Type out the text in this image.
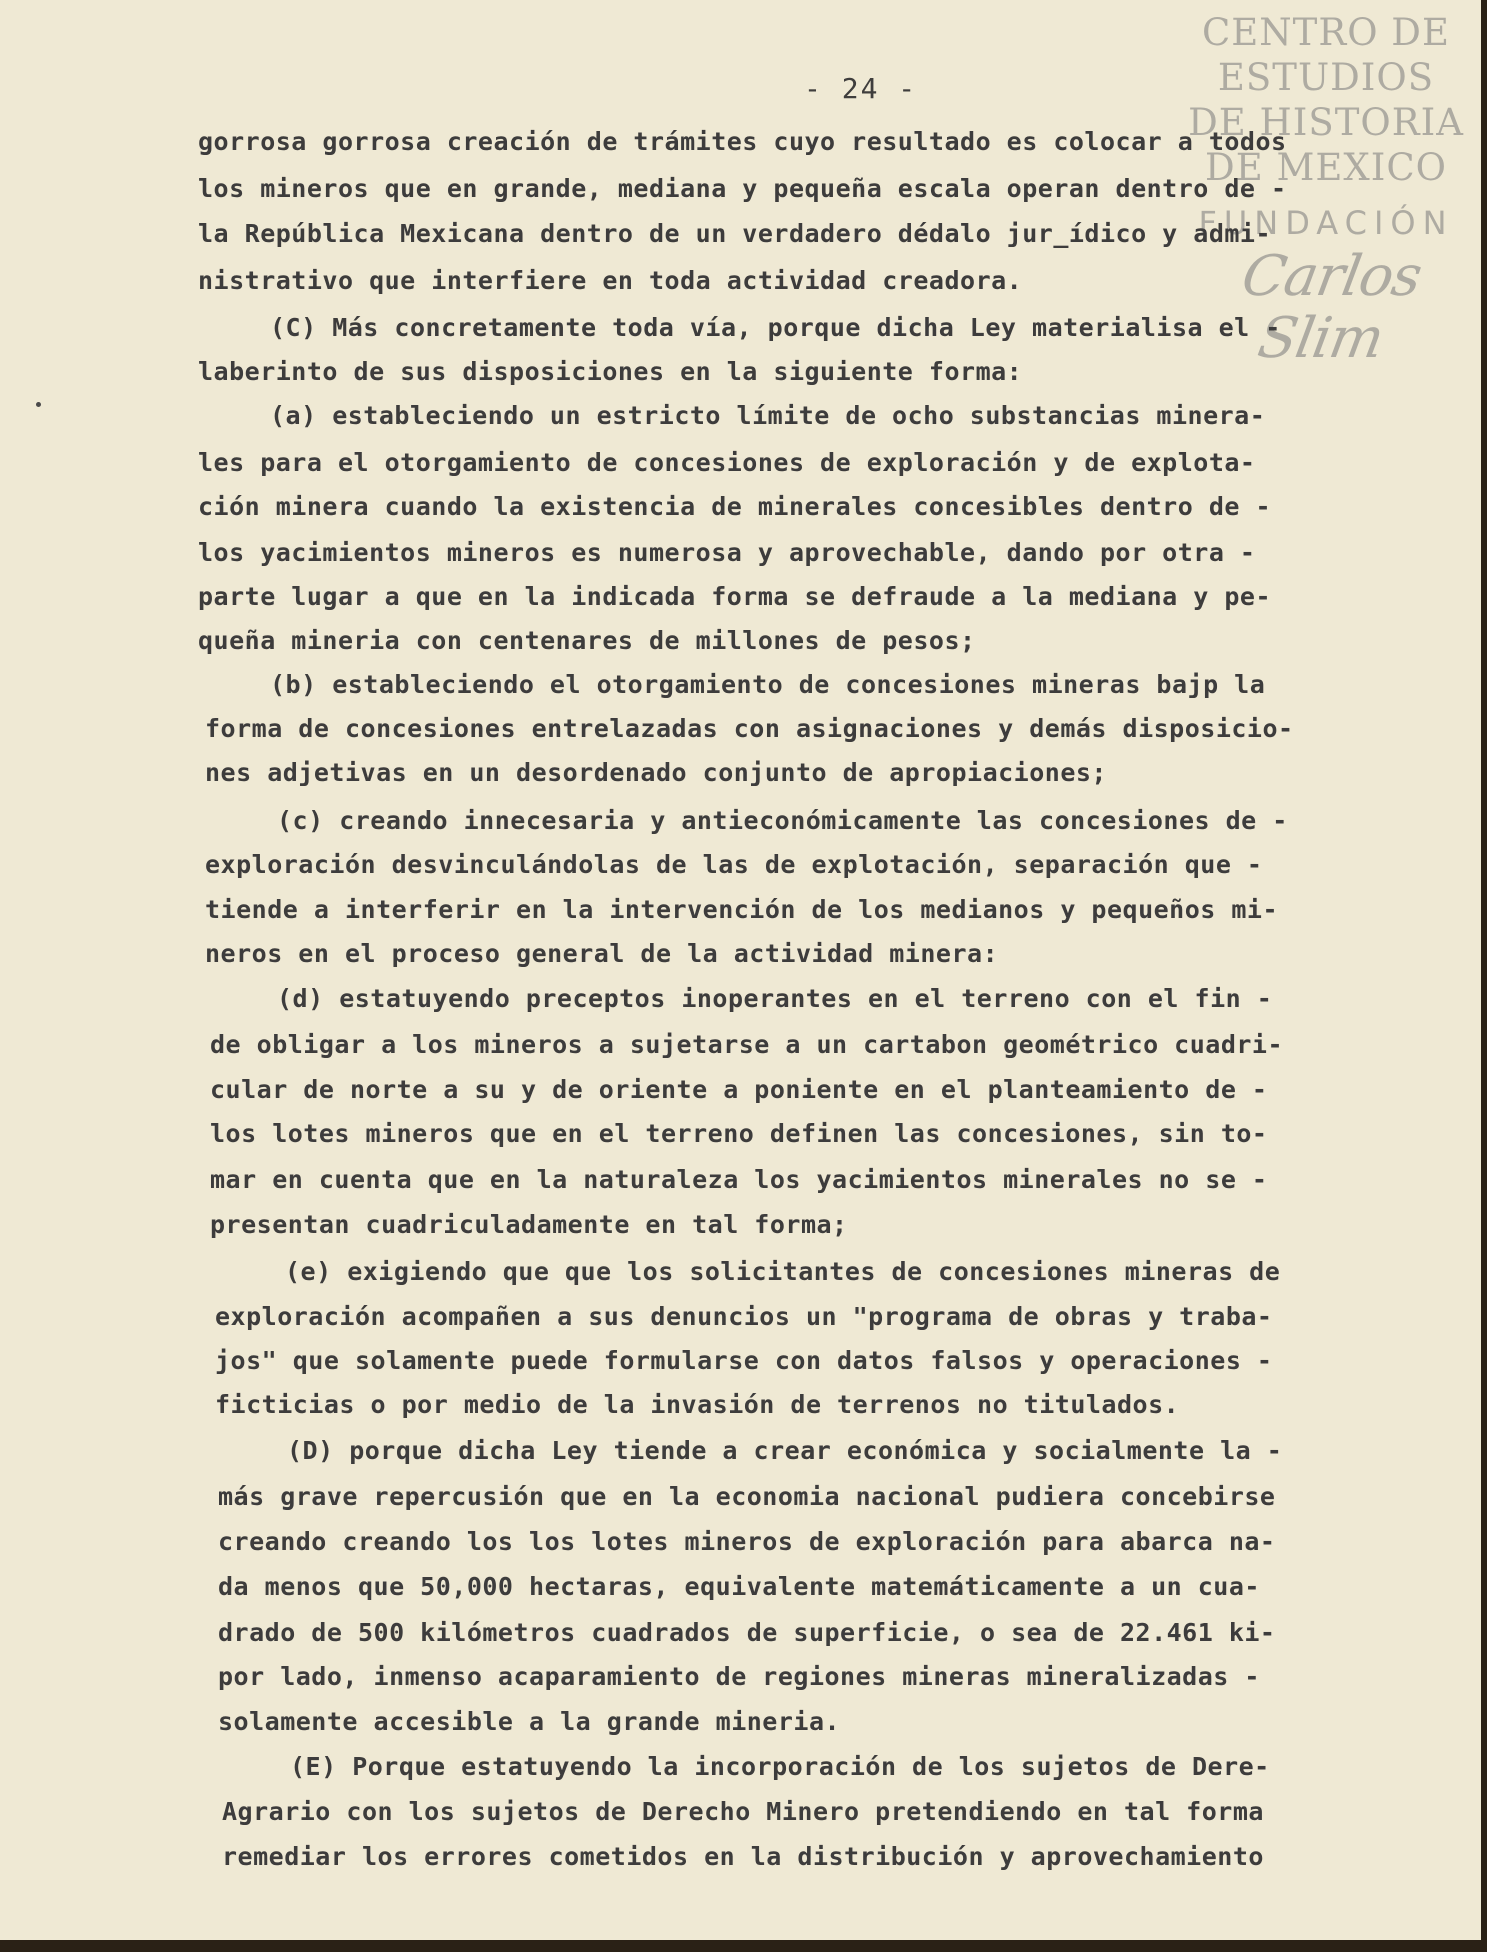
- 24 -
CENTRO DE
ESTUDIOS
DE HISTORIA
DE MEXICO
FUNDACIÓN
Carlos Slim
gorrosa gorrosa creación de trámites cuyo resultado es colocar a todos
los mineros que en grande, mediana y pequeña escala operan dentro de -
la República Mexicana dentro de un verdadero dédalo jur_ídico y admi-
nistrativo que interfiere en toda actividad creadora.
(C) Más concretamente toda vía, porque dicha Ley materialisa el -
laberinto de sus disposiciones en la siguiente forma:
(a) estableciendo un estricto límite de ocho substancias minera-
les para el otorgamiento de concesiones de exploración y de explota-
ción minera cuando la existencia de minerales concesibles dentro de -
los yacimientos mineros es numerosa y aprovechable, dando por otra -
parte lugar a que en la indicada forma se defraude a la mediana y pe-
queña mineria con centenares de millones de pesos;
(b) estableciendo el otorgamiento de concesiones mineras bajp la
forma de concesiones entrelazadas con asignaciones y demás disposicio-
nes adjetivas en un desordenado conjunto de apropiaciones;
(c) creando innecesaria y antieconómicamente las concesiones de -
exploración desvinculándolas de las de explotación, separación que -
tiende a interferir en la intervención de los medianos y pequeños mi-
neros en el proceso general de la actividad minera:
(d) estatuyendo preceptos inoperantes en el terreno con el fin -
de obligar a los mineros a sujetarse a un cartabon geométrico cuadri-
cular de norte a su y de oriente a poniente en el planteamiento de -
los lotes mineros que en el terreno definen las concesiones, sin to-
mar en cuenta que en la naturaleza los yacimientos minerales no se -
presentan cuadriculadamente en tal forma;
(e) exigiendo que que los solicitantes de concesiones mineras de
exploración acompañen a sus denuncios un "programa de obras y traba-
jos" que solamente puede formularse con datos falsos y operaciones -
ficticias o por medio de la invasión de terrenos no titulados.
(D) porque dicha Ley tiende a crear económica y socialmente la -
más grave repercusión que en la economia nacional pudiera concebirse
creando creando los los lotes mineros de exploración para abarca na-
da menos que 50,000 hectaras, equivalente matemáticamente a un cua-
drado de 500 kilómetros cuadrados de superficie, o sea de 22.461 ki-
por lado, inmenso acaparamiento de regiones mineras mineralizadas -
solamente accesible a la grande mineria.
(E) Porque estatuyendo la incorporación de los sujetos de Dere-
Agrario con los sujetos de Derecho Minero pretendiendo en tal forma
remediar los errores cometidos en la distribución y aprovechamiento
